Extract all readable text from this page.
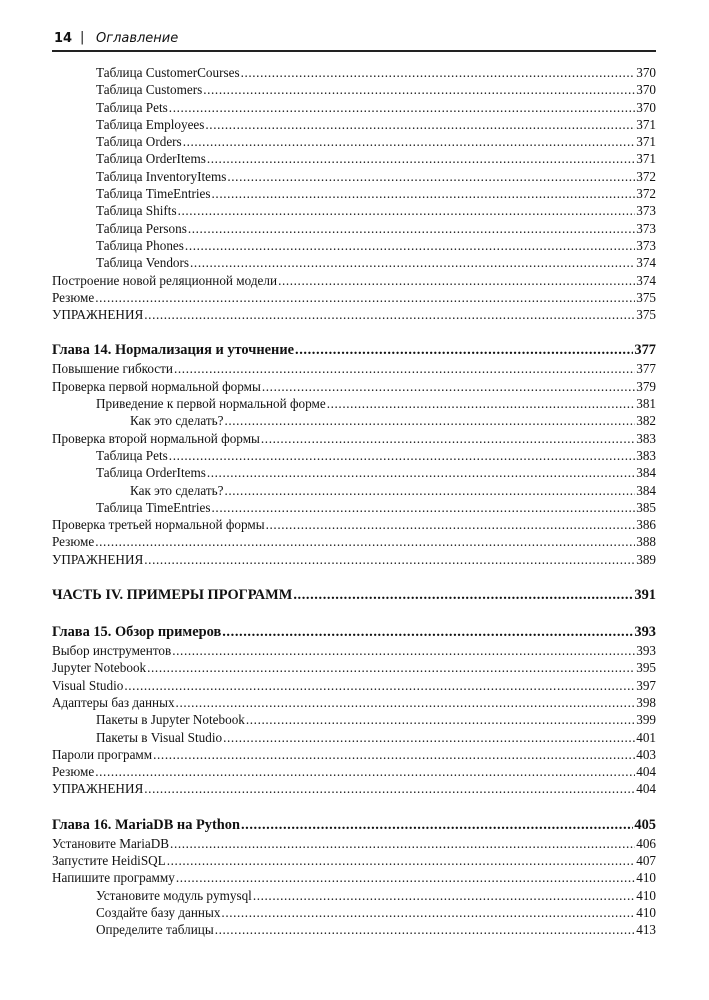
14 | Оглавление
Таблица CustomerCourses .....	370
Таблица Customers .....	370
Таблица Pets .....	370
Таблица Employees .....	371
Таблица Orders .....	371
Таблица OrderItems .....	371
Таблица InventoryItems .....	372
Таблица TimeEntries .....	372
Таблица Shifts .....	373
Таблица Persons .....	373
Таблица Phones .....	373
Таблица Vendors .....	374
Построение новой реляционной модели .....	374
Резюме .....	375
УПРАЖНЕНИЯ .....	375
Глава 14. Нормализация и уточнение .....	377
Повышение гибкости .....	377
Проверка первой нормальной формы .....	379
Приведение к первой нормальной форме .....	381
Как это сделать? .....	382
Проверка второй нормальной формы .....	383
Таблица Pets .....	383
Таблица OrderItems .....	384
Как это сделать? .....	384
Таблица TimeEntries .....	385
Проверка третьей нормальной формы .....	386
Резюме .....	388
УПРАЖНЕНИЯ .....	389
ЧАСТЬ IV. ПРИМЕРЫ ПРОГРАММ .....	391
Глава 15. Обзор примеров .....	393
Выбор инструментов .....	393
Jupyter Notebook .....	395
Visual Studio .....	397
Адаптеры баз данных .....	398
Пакеты в Jupyter Notebook .....	399
Пакеты в Visual Studio .....	401
Пароли программ .....	403
Резюме .....	404
УПРАЖНЕНИЯ .....	404
Глава 16. MariaDB на Python .....	405
Установите MariaDB .....	406
Запустите HeidiSQL .....	407
Напишите программу .....	410
Установите модуль pymysql .....	410
Создайте базу данных .....	410
Определите таблицы .....	413
